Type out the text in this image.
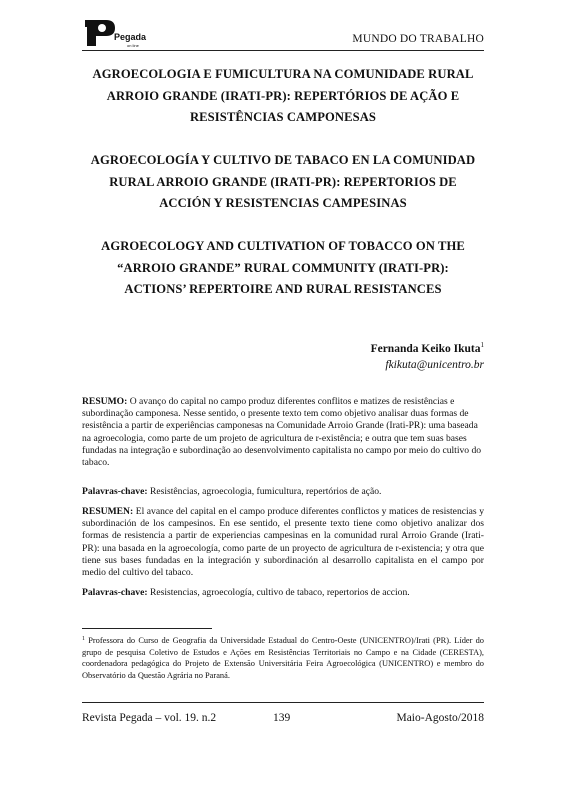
Pegada
on line
MUNDO DO TRABALHO
AGROECOLOGIA E FUMICULTURA NA COMUNIDADE RURAL
ARROIO GRANDE (IRATI-PR): REPERTÓRIOS DE AÇÃO E
RESISTÊNCIAS CAMPONESAS
AGROECOLOGÍA Y CULTIVO DE TABACO EN LA COMUNIDAD
RURAL ARROIO GRANDE (IRATI-PR): REPERTORIOS DE
ACCIÓN Y RESISTENCIAS CAMPESINAS
AGROECOLOGY AND CULTIVATION OF TOBACCO ON THE
“ARROIO GRANDE” RURAL COMMUNITY (IRATI-PR):
ACTIONS’ REPERTOIRE AND RURAL RESISTANCES
Fernanda Keiko Ikuta$^1$
fkikuta@unicentro.br
RESUMO: O avanço do capital no campo produz diferentes conflitos e matizes de resistências e subordinação camponesa. Nesse sentido, o presente texto tem como objetivo analisar duas formas de resistência a partir de experiências camponesas na Comunidade Arroio Grande (Irati-PR): uma baseada na agroecologia, como parte de um projeto de agricultura de r-existência; e outra que tem suas bases fundadas na integração e subordinação ao desenvolvimento capitalista no campo por meio do cultivo do tabaco.
Palavras-chave: Resistências, agroecologia, fumicultura, repertórios de ação.
RESUMEN: El avance del capital en el campo produce diferentes conflictos y matices de resistencias y subordinación de los campesinos. En ese sentido, el presente texto tiene como objetivo analizar dos formas de resistencia a partir de experiencias campesinas en la comunidad rural Arroio Grande (Irati-PR): una basada en la agroecología, como parte de un proyecto de agricultura de r-existencia; y otra que tiene sus bases fundadas en la integración y subordinación al desarrollo capitalista en el campo por medio del cultivo del tabaco.
Palavras-chave: Resistencias, agroecología, cultivo de tabaco, repertorios de accion.
$^1$ Professora do Curso de Geografia da Universidade Estadual do Centro-Oeste (UNICENTRO)/Irati (PR). Líder do grupo de pesquisa Coletivo de Estudos e Ações em Resistências Territoriais no Campo e na Cidade (CERESTA), coordenadora pedagógica do Projeto de Extensão Universitária Feira Agroecológica (UNICENTRO) e membro do Observatório da Questão Agrária no Paraná.
Revista Pegada – vol. 19. n.2	139	Maio-Agosto/2018
